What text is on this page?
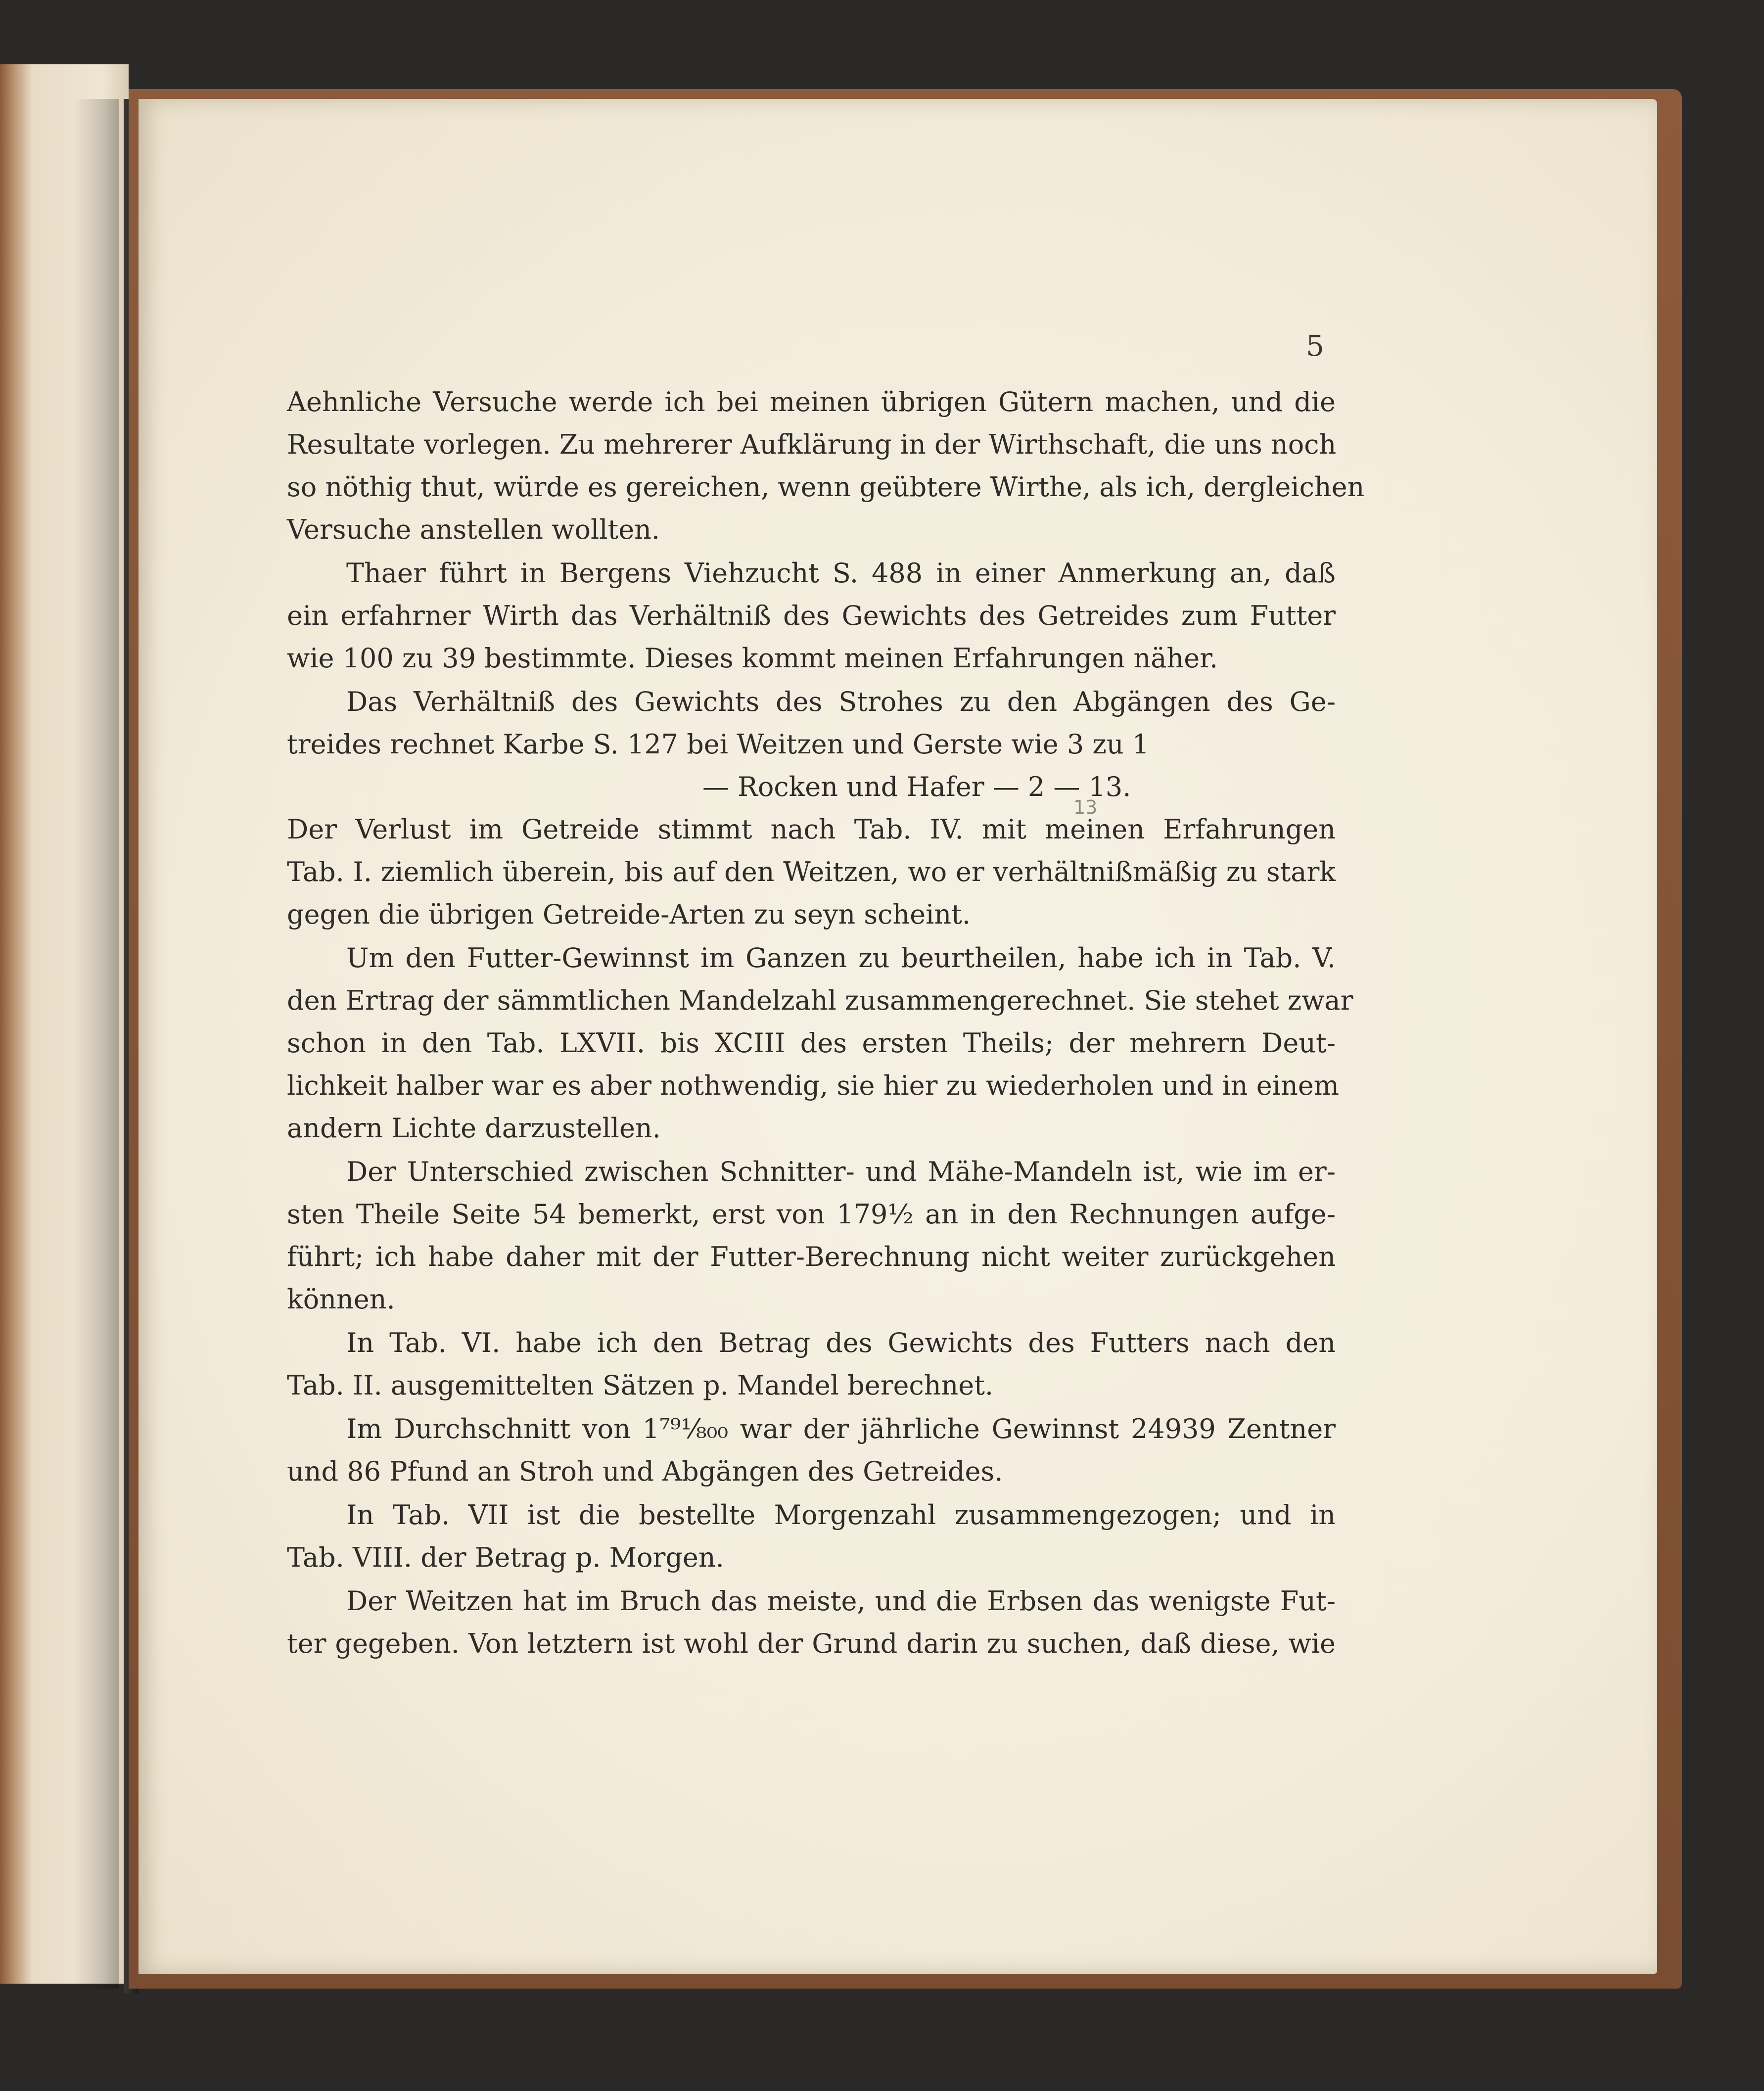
5
Aehnliche Versuche werde ich bei meinen übrigen Gütern machen, und die
Resultate vorlegen. Zu mehrerer Aufklärung in der Wirthschaft, die uns noch
so nöthig thut, würde es gereichen, wenn geübtere Wirthe, als ich, dergleichen
Versuche anstellen wollten.
Thaer führt in Bergens Viehzucht S. 488 in einer Anmerkung an, daß
ein erfahrner Wirth das Verhältniß des Gewichts des Getreides zum Futter
wie 100 zu 39 bestimmte. Dieses kommt meinen Erfahrungen näher.
Das Verhältniß des Gewichts des Strohes zu den Abgängen des Ge-
treides rechnet Karbe S. 127 bei Weitzen und Gerste wie 3 zu 1
— Rocken und Hafer — 2 — 13.
Der Verlust im Getreide stimmt nach Tab. IV. mit meinen Erfahrungen
Tab. I. ziemlich überein, bis auf den Weitzen, wo er verhältnißmäßig zu stark
gegen die übrigen Getreide-Arten zu seyn scheint.
Um den Futter-Gewinnst im Ganzen zu beurtheilen, habe ich in Tab. V.
den Ertrag der sämmtlichen Mandelzahl zusammengerechnet. Sie stehet zwar
schon in den Tab. LXVII. bis XCIII des ersten Theils; der mehrern Deut-
lichkeit halber war es aber nothwendig, sie hier zu wiederholen und in einem
andern Lichte darzustellen.
Der Unterschied zwischen Schnitter- und Mähe-Mandeln ist, wie im er-
sten Theile Seite 54 bemerkt, erst von 179½ an in den Rechnungen aufge-
führt; ich habe daher mit der Futter-Berechnung nicht weiter zurückgehen
können.
In Tab. VI. habe ich den Betrag des Gewichts des Futters nach den
Tab. II. ausgemittelten Sätzen p. Mandel berechnet.
Im Durchschnitt von 1⁷⁹¹⁄₈₀₀ war der jährliche Gewinnst 24939 Zentner
und 86 Pfund an Stroh und Abgängen des Getreides.
In Tab. VII ist die bestellte Morgenzahl zusammengezogen; und in
Tab. VIII. der Betrag p. Morgen.
Der Weitzen hat im Bruch das meiste, und die Erbsen das wenigste Fut-
ter gegeben. Von letztern ist wohl der Grund darin zu suchen, daß diese, wie
13
